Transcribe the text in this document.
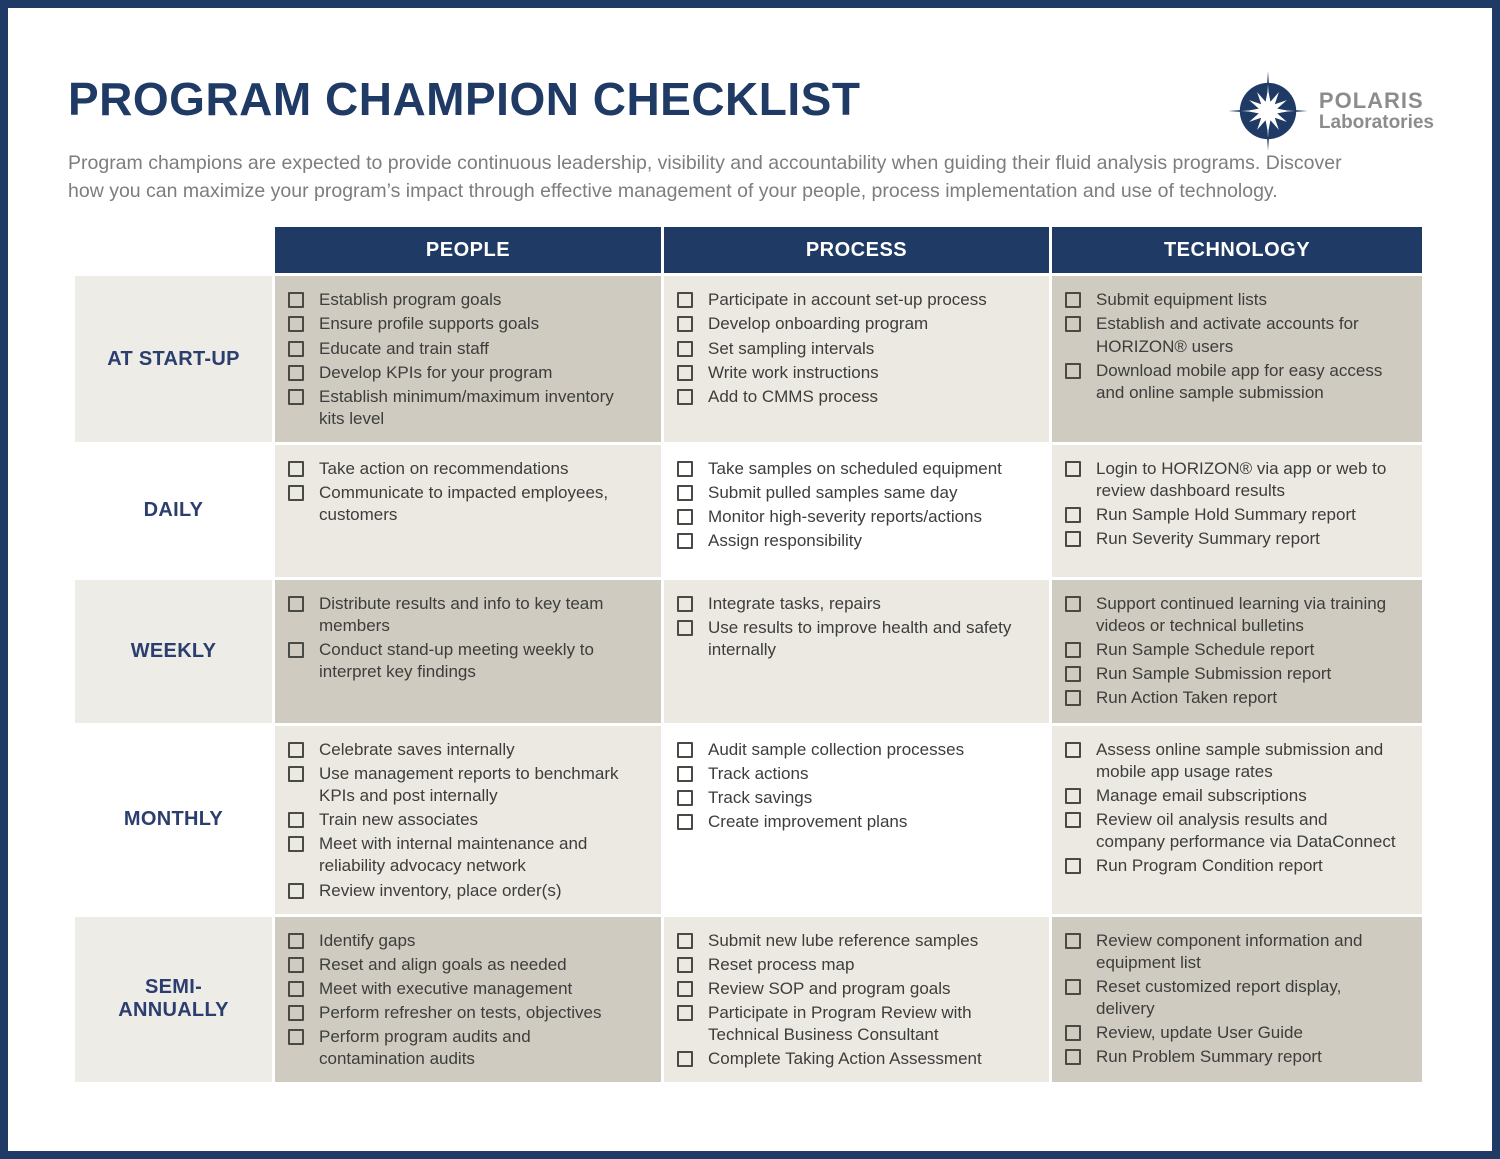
POLARIS
Laboratories
PROGRAM CHAMPION CHECKLIST

Program champions are expected to provide continuous leadership, visibility and accountability when guiding their fluid analysis programs. Discover how you can maximize your program’s impact through effective management of your people, process implementation and use of technology.

PEOPLE	PROCESS	TECHNOLOGY
AT START-UP
Establish program goals
Ensure profile supports goals
Educate and train staff
Develop KPIs for your program
Establish minimum/maximum inventory kits level
Participate in account set-up process
Develop onboarding program
Set sampling intervals
Write work instructions
Add to CMMS process
Submit equipment lists
Establish and activate accounts for HORIZON® users
Download mobile app for easy access and online sample submission
DAILY
Take action on recommendations
Communicate to impacted employees, customers
Take samples on scheduled equipment
Submit pulled samples same day
Monitor high-severity reports/actions
Assign responsibility
Login to HORIZON® via app or web to review dashboard results
Run Sample Hold Summary report
Run Severity Summary report
WEEKLY
Distribute results and info to key team members
Conduct stand-up meeting weekly to interpret key findings
Integrate tasks, repairs
Use results to improve health and safety internally
Support continued learning via training videos or technical bulletins
Run Sample Schedule report
Run Sample Submission report
Run Action Taken report
MONTHLY
Celebrate saves internally
Use management reports to benchmark KPIs and post internally
Train new associates
Meet with internal maintenance and reliability advocacy network
Review inventory, place order(s)
Audit sample collection processes
Track actions
Track savings
Create improvement plans
Assess online sample submission and mobile app usage rates
Manage email subscriptions
Review oil analysis results and company performance via DataConnect
Run Program Condition report
SEMI-ANNUALLY
Identify gaps
Reset and align goals as needed
Meet with executive management
Perform refresher on tests, objectives
Perform program audits and contamination audits
Submit new lube reference samples
Reset process map
Review SOP and program goals
Participate in Program Review with Technical Business Consultant
Complete Taking Action Assessment
Review component information and equipment list
Reset customized report display, delivery
Review, update User Guide
Run Problem Summary report
